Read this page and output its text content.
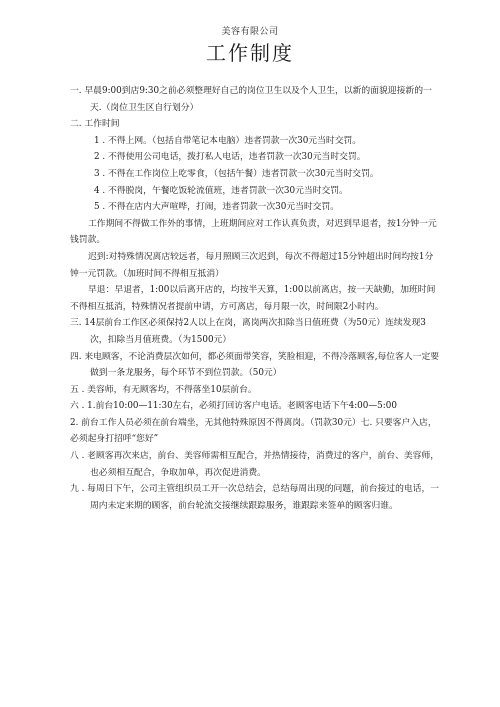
美容有限公司
工作制度

一. 早晨9:00到店9:30之前必须整理好自己的岗位卫生以及个人卫生，以新的面貌迎接新的一天.（岗位卫生区自行划分）

二. 工作时间

1 . 不得上网。（包括自带笔记本电脑）违者罚款一次30元当时交罚。

2 . 不得使用公司电话，拨打私人电话，违者罚款一次30元当时交罚。

3 . 不得在工作岗位上吃零食，（包括午餐）违者罚款一次30元当时交罚。

4 . 不得脱岗，午餐吃饭轮流值班，违者罚款一次30元当时交罚。

5 . 不得在店内大声喧哗，打闹，违者罚款一次30元当时交罚。

工作期间不得做工作外的事情，上班期间应对工作认真负责，对迟到早退者，按1分钟一元钱罚款。

迟到:对特殊情况离店较远者，每月照顾三次迟到，每次不得超过15分钟超出时间均按1分钟一元罚款。（加班时间不得相互抵消）

早退：早退者，1:00以后离开店的，均按半天算，1:00以前离店，按一天缺勤，加班时间不得相互抵消，特殊情况者提前申请，方可离店，每月限一次，时间限2小时内。

三. 14层前台工作区必须保持2人以上在岗，离岗两次扣除当日值班费（为50元）连续发现3次，扣除当月值班费。（为1500元）

四. 来电顾客，不论消费层次如何，都必须面带笑容，笑脸相迎，不得冷落顾客,每位客人一定要做到一条龙服务，每个环节不到位罚款。（50元）

五 . 美容师，有无顾客均，不得落坐10层前台。

六 . 1.前台10:00—11:30左右，必须打回访客户电话。老顾客电话下午4:00—5:00

2. 前台工作人员必须在前台端坐，无其他特殊原因不得离岗。（罚款30元）七. 只要客户入店，必须起身打招呼“您好”

八 . 老顾客再次来店，前台、美容师需相互配合，并热情接待，消费过的客户，前台、美容师，也必须相互配合，争取加单，再次促进消费。

九 . 每周日下午，公司主管组织员工开一次总结会，总结每周出现的问题，前台接过的电话，一周内未定来期的顾客，前台轮流交接继续跟踪服务，谁跟踪来签单的顾客归谁。
